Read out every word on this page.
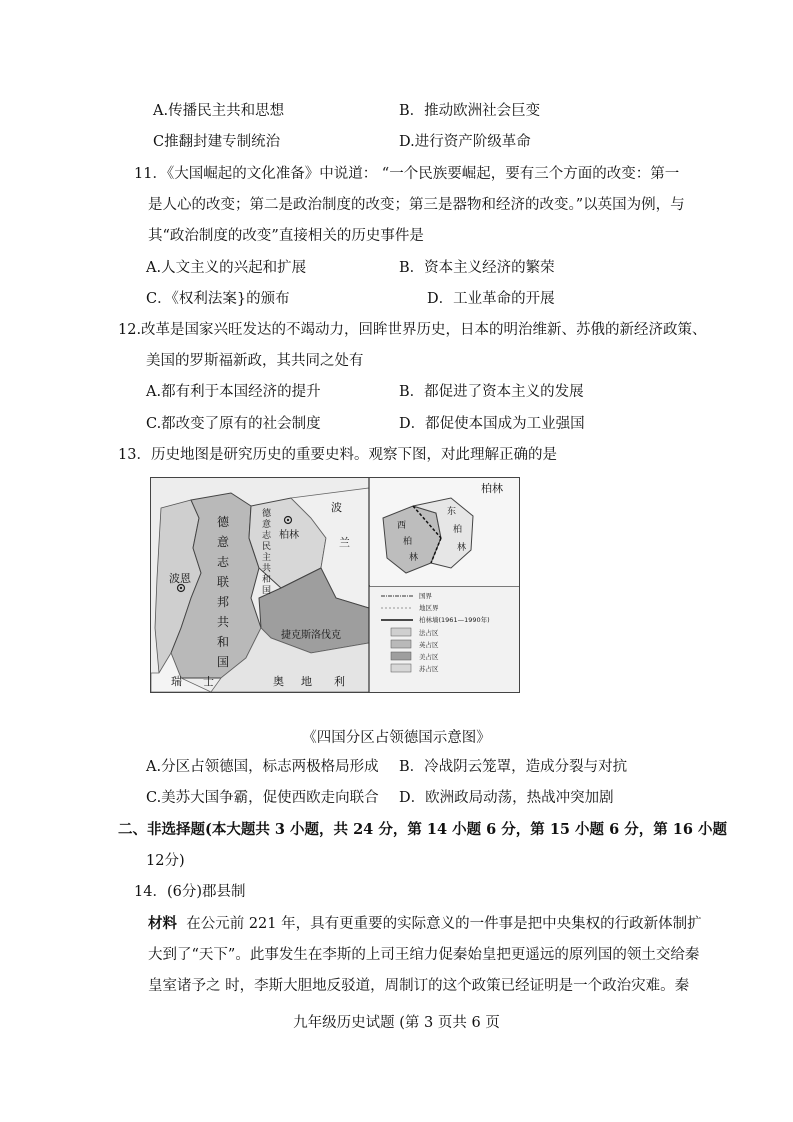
A.传播民主共和思想	B．推动欧洲社会巨变
C推翻封建专制统治	D.进行资产阶级革命
11．《大国崛起的文化准备》中说道： “一个民族要崛起，要有三个方面的改变：第一
是人心的改变；第二是政治制度的改变；第三是器物和经济的改变。”以英国为例，与
其“政治制度的改变”直接相关的历史事件是
A.人文主义的兴起和扩展	B．资本主义经济的繁荣
C．《权利法案}的颁布	D．工业革命的开展
12.改革是国家兴旺发达的不竭动力，回眸世界历史，日本的明治维新、苏俄的新经济政策、
美国的罗斯福新政，其共同之处有
A.都有利于本国经济的提升	B．都促进了资本主义的发展
C.都改变了原有的社会制度	D．都促使本国成为工业强国
13．历史地图是研究历史的重要史料。观察下图，对此理解正确的是
德
意
志
联
邦
共
和
国
德
意
志
民
主
共
和
国
柏林
波恩
波
兰
捷克斯洛伐克
瑞 士	奥 地 利
柏林
西
柏
林
东
柏
林
国界
地区界
柏林墙(1961—1990年)
法占区
英占区
美占区
苏占区
《四国分区占领德国示意图》
A.分区占领德国，标志两极格局形成 B．冷战阴云笼罩，造成分裂与对抗
C.美苏大国争霸，促使西欧走向联合 D．欧洲政局动荡，热战冲突加剧
二、非选择题(本大题共 3 小题，共 24 分，第 14 小题 6 分，第 15 小题 6 分，第 16 小题
12分)
14．(6分)郡县制
材料 在公元前 221 年，具有更重要的实际意义的一件事是把中央集权的行政新体制扩
大到了“天下”。此事发生在李斯的上司王绾力促秦始皇把更遥远的原列国的领土交给秦
皇室诸予之 时，李斯大胆地反驳道，周制订的这个政策已经证明是一个政治灾难。秦
九年级历史试题 (第 3 页共 6 页
